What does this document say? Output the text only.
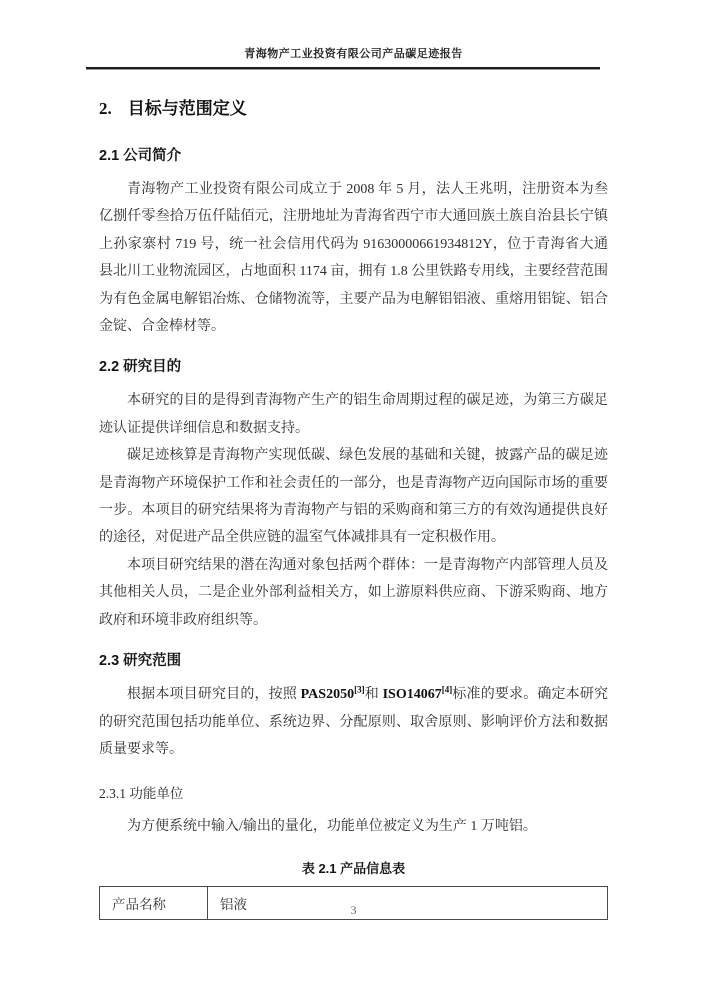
青海物产工业投资有限公司产品碳足迹报告
2. 目标与范围定义
2.1 公司简介

青海物产工业投资有限公司成立于 2008 年 5 月，法人王兆明，注册资本为叁亿捌仟零叁拾万伍仟陆佰元，注册地址为青海省西宁市大通回族土族自治县长宁镇上孙家寨村 719 号，统一社会信用代码为 91630000661934812Y，位于青海省大通县北川工业物流园区，占地面积 1174 亩，拥有 1.8 公里铁路专用线，主要经营范围为有色金属电解铝冶炼、仓储物流等，主要产品为电解铝铝液、重熔用铝锭、铝合金锭、合金棒材等。

2.2 研究目的

本研究的目的是得到青海物产生产的铝生命周期过程的碳足迹，为第三方碳足迹认证提供详细信息和数据支持。

碳足迹核算是青海物产实现低碳、绿色发展的基础和关键，披露产品的碳足迹是青海物产环境保护工作和社会责任的一部分，也是青海物产迈向国际市场的重要一步。本项目的研究结果将为青海物产与铝的采购商和第三方的有效沟通提供良好的途径，对促进产品全供应链的温室气体减排具有一定积极作用。

本项目研究结果的潜在沟通对象包括两个群体：一是青海物产内部管理人员及其他相关人员，二是企业外部利益相关方，如上游原料供应商、下游采购商、地方政府和环境非政府组织等。

2.3 研究范围

根据本项目研究目的，按照 PAS2050[3]和 ISO14067[4]标准的要求。确定本研究的研究范围包括功能单位、系统边界、分配原则、取舍原则、影响评价方法和数据质量要求等。

2.3.1 功能单位

为方便系统中输入/输出的量化，功能单位被定义为生产 1 万吨铝。

表 2.1 产品信息表
产品名称	铝液	3
